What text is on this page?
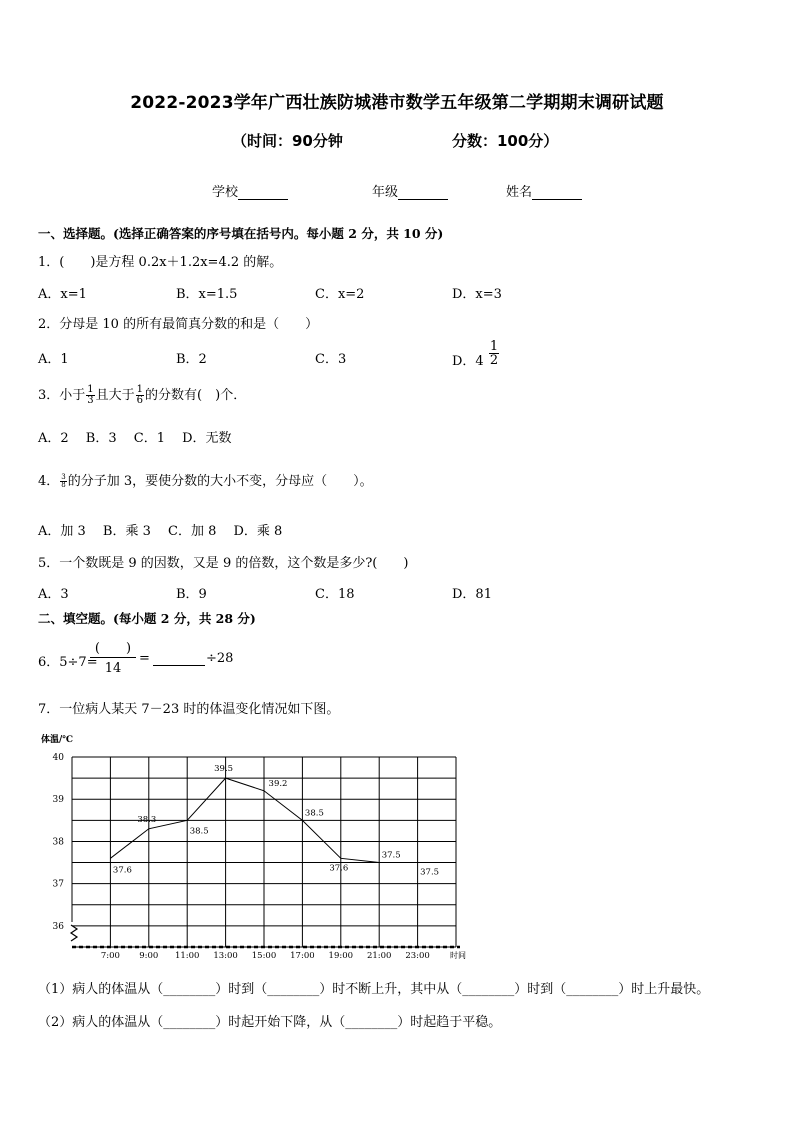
2022-2023学年广西壮族防城港市数学五年级第二学期期末调研试题
（时间：90分钟	分数：100分）
学校	年级	姓名
一、选择题。(选择正确答案的序号填在括号内。每小题 2 分，共 10 分)
1．(　　)是方程 0.2x＋1.2x=4.2 的解。
A．x=1	B．x=1.5	C．x=2	D．x=3
2．分母是 10 的所有最简真分数的和是（　　）
A．1	B．2	C．3	D．$4 \frac{1}{2}$
3．小于 $\frac{1}{3}$ 且大于 $\frac{1}{6}$ 的分数有(　)个．
A．2　 B．3　 C．1　 D．无数
4． $\frac{3}{8}$ 的分子加 3，要使分数的大小不变，分母应（　　）。
A．加 3　 B．乘 3　 C．加 8　 D．乘 8
5．一个数既是 9 的因数，又是 9 的倍数，这个数是多少?(　　)
A．3	B．9	C．18	D．81
二、填空题。(每小题 2 分，共 28 分)
6．5÷7=
(　　)
14
=	÷28
7．一位病人某天 7－23 时的体温变化情况如下图。
体温/℃
36
37
38
39
40
7:00 9:00 11:00 13:00 15:00 17:00 19:00 21:00 23:00
37.6
38.3
38.5
39.5
39.2
38.5
37.6
37.5
37.5
时间
（1）病人的体温从（________）时到（________）时不断上升，其中从（________）时到（________）时上升最快。
（2）病人的体温从（________）时起开始下降，从（________）时起趋于平稳。
